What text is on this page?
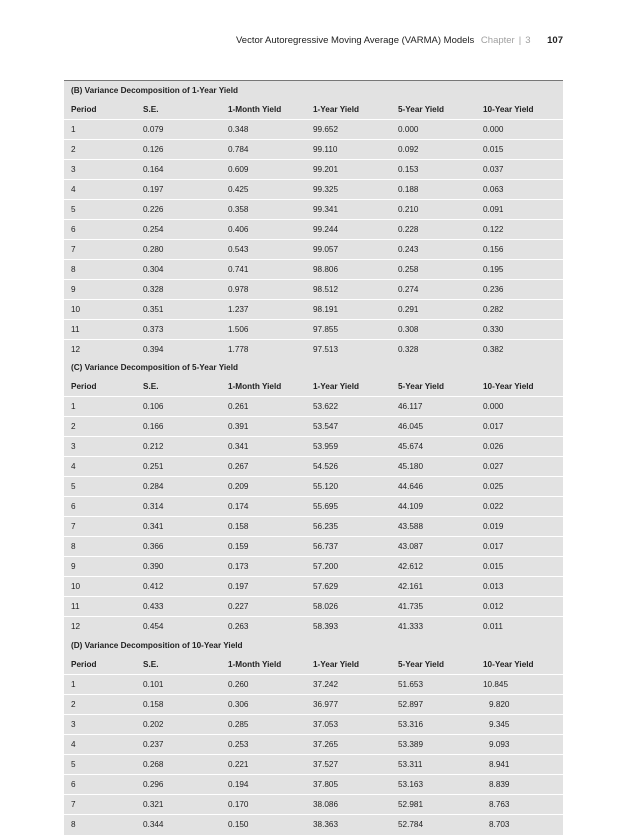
Vector Autoregressive Moving Average (VARMA) Models Chapter | 3 107
(B) Variance Decomposition of 1-Year Yield					
Period	S.E.	1-Month Yield	1-Year Yield	5-Year Yield	10-Year Yield
1	0.079	0.348	99.652	0.000	0.000
2	0.126	0.784	99.110	0.092	0.015
3	0.164	0.609	99.201	0.153	0.037
4	0.197	0.425	99.325	0.188	0.063
5	0.226	0.358	99.341	0.210	0.091
6	0.254	0.406	99.244	0.228	0.122
7	0.280	0.543	99.057	0.243	0.156
8	0.304	0.741	98.806	0.258	0.195
9	0.328	0.978	98.512	0.274	0.236
10	0.351	1.237	98.191	0.291	0.282
11	0.373	1.506	97.855	0.308	0.330
12	0.394	1.778	97.513	0.328	0.382
(C) Variance Decomposition of 5-Year Yield					
Period	S.E.	1-Month Yield	1-Year Yield	5-Year Yield	10-Year Yield
1	0.106	0.261	53.622	46.117	0.000
2	0.166	0.391	53.547	46.045	0.017
3	0.212	0.341	53.959	45.674	0.026
4	0.251	0.267	54.526	45.180	0.027
5	0.284	0.209	55.120	44.646	0.025
6	0.314	0.174	55.695	44.109	0.022
7	0.341	0.158	56.235	43.588	0.019
8	0.366	0.159	56.737	43.087	0.017
9	0.390	0.173	57.200	42.612	0.015
10	0.412	0.197	57.629	42.161	0.013
11	0.433	0.227	58.026	41.735	0.012
12	0.454	0.263	58.393	41.333	0.011
(D) Variance Decomposition of 10-Year Yield					
Period	S.E.	1-Month Yield	1-Year Yield	5-Year Yield	10-Year Yield
1	0.101	0.260	37.242	51.653	10.845
2	0.158	0.306	36.977	52.897	9.820
3	0.202	0.285	37.053	53.316	9.345
4	0.237	0.253	37.265	53.389	9.093
5	0.268	0.221	37.527	53.311	8.941
6	0.296	0.194	37.805	53.163	8.839
7	0.321	0.170	38.086	52.981	8.763
8	0.344	0.150	38.363	52.784	8.703
